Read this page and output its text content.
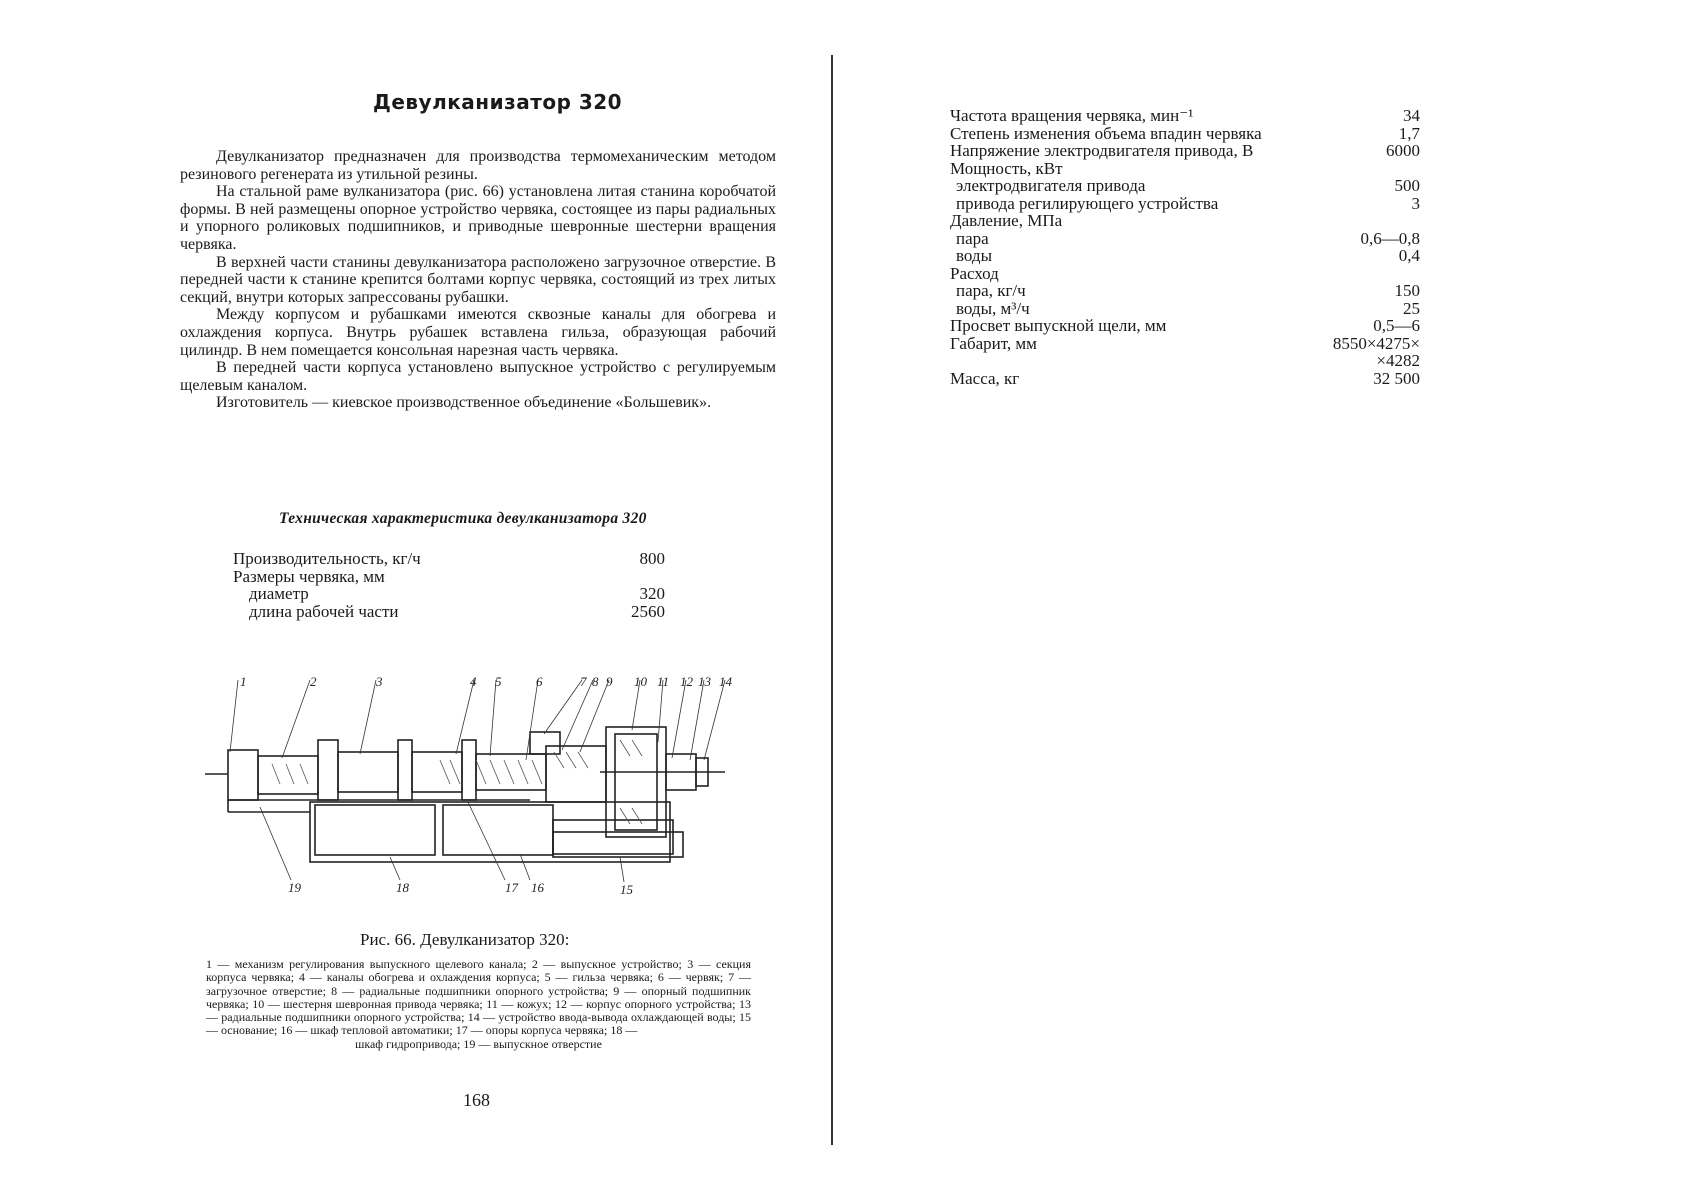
Девулканизатор 320

Девулканизатор предназначен для производства термомеханическим методом резинового регенерата из утильной резины.

На стальной раме вулканизатора (рис. 66) установлена литая станина коробчатой формы. В ней размещены опорное устройство червяка, состоящее из пары радиальных и упорного роликовых подшипников, и приводные шевронные шестерни вращения червяка.

В верхней части станины девулканизатора расположено загрузочное отверстие. В передней части к станине крепится болтами корпус червяка, состоящий из трех литых секций, внутри которых запрессованы рубашки.

Между корпусом и рубашками имеются сквозные каналы для обогрева и охлаждения корпуса. Внутрь рубашек вставлена гильза, образующая рабочий цилиндр. В нем помещается консольная нарезная часть червяка.

В передней части корпуса установлено выпускное устройство с регулируемым щелевым каналом.

Изготовитель — киевское производственное объединение «Большевик».

Техническая характеристика девулканизатора 320
Производительность, кг/ч	800
Размеры червяка, мм	
диаметр	320
длина рабочей части	2560
1	2	3	4 5	6	7 8 9 10 11 12 13 14
15
16
17
18
19

Рис. 66. Девулканизатор 320:

1 — механизм регулирования выпускного щелевого канала; 2 — выпускное устройство; 3 — секция корпуса червяка; 4 — каналы обогрева и охлаждения корпуса; 5 — гильза червяка; 6 — червяк; 7 — загрузочное отверстие; 8 — радиальные подшипники опорного устройства; 9 — опорный подшипник червяка; 10 — шестерня шевронная привода червяка; 11 — кожух; 12 — корпус опорного устройства; 13 — радиальные подшипники опорного устройства; 14 — устройство ввода-вывода охлаждающей воды; 15 — основание; 16 — шкаф тепловой автоматики; 17 — опоры корпуса червяка; 18 —
шкаф гидропривода; 19 — выпускное отверстие

168

Частота вращения червяка, мин⁻¹	34
Степень изменения объема впадин червяка	1,7
Напряжение электродвигателя привода, В	6000
Мощность, кВт	
электродвигателя привода	500
привода регилирующего устройства	3
Давление, МПа	
пара	0,6—0,8
воды	0,4
Расход	
пара, кг/ч	150
воды, м³/ч	25
Просвет выпускной щели, мм	0,5—6
Габарит, мм	8550×4275×
	×4282
Масса, кг	32 500
